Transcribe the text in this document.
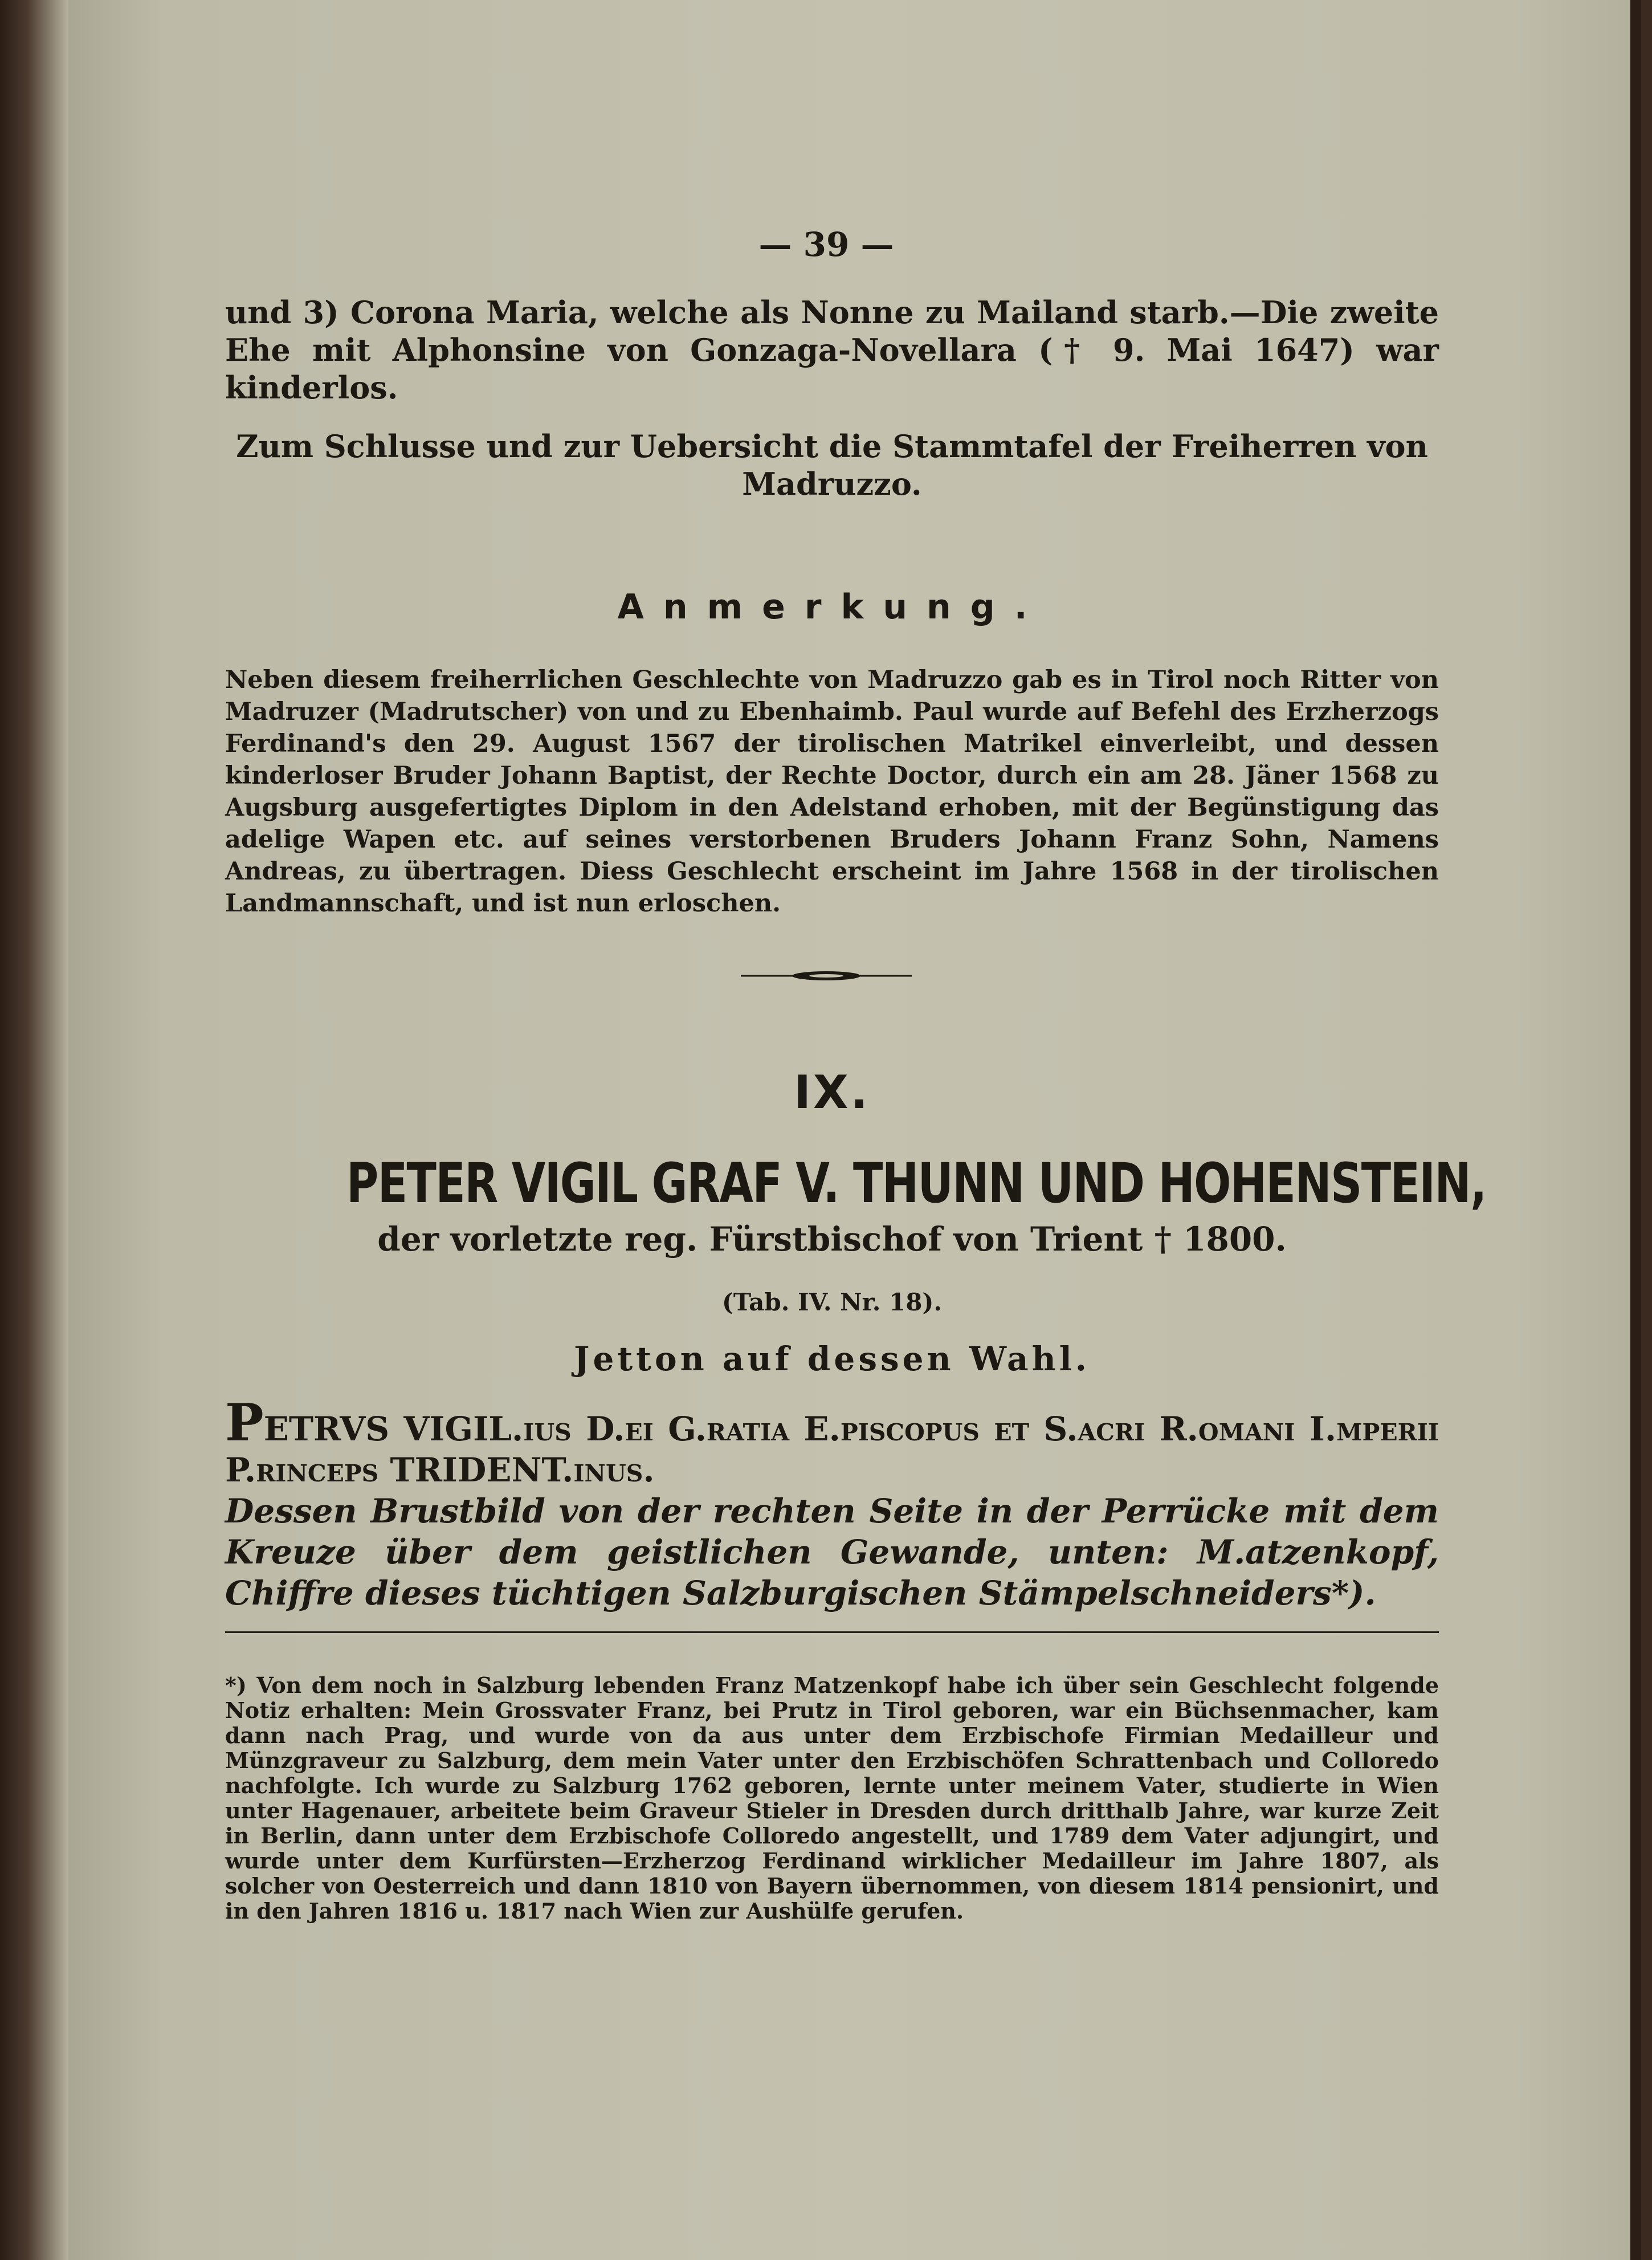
— 39 —
und 3) Corona Maria, welche als Nonne zu Mailand starb.—Die zweite Ehe mit Alphonsine von Gonzaga-Novellara († 9. Mai 1647) war kinderlos.
Zum Schlusse und zur Uebersicht die Stammtafel der Freiherren von Madruzzo.
Anmerkung.
Neben diesem freiherrlichen Geschlechte von Madruzzo gab es in Tirol noch Ritter von Madruzer (Madrutscher) von und zu Ebenhaimb. Paul wurde auf Befehl des Erzherzogs Ferdinand's den 29. August 1567 der tirolischen Matrikel einverleibt, und dessen kinderloser Bruder Johann Baptist, der Rechte Doctor, durch ein am 28. Jäner 1568 zu Augsburg ausgefertigtes Diplom in den Adelstand erhoben, mit der Begünstigung das adelige Wapen etc. auf seines verstorbenen Bruders Johann Franz Sohn, Namens Andreas, zu übertragen. Diess Geschlecht erscheint im Jahre 1568 in der tirolischen Landmannschaft, und ist nun erloschen.
IX.
PETER VIGIL GRAF V. THUNN UND HOHENSTEIN,
der vorletzte reg. Fürstbischof von Trient † 1800.
(Tab. IV. Nr. 18).
Jetton auf dessen Wahl.
PETRVS VIGIL.ius D.ei G.ratia E.piscopus et S.acri R.omani I.mperii P.rinceps TRIDENT.inus.
Dessen Brustbild von der rechten Seite in der Perrücke mit dem Kreuze über dem geistlichen Gewande, unten: M.atzenkopf, Chiffre dieses tüchtigen Salzburgischen Stämpelschneiders*).
*) Von dem noch in Salzburg lebenden Franz Matzenkopf habe ich über sein Geschlecht folgende Notiz erhalten: Mein Grossvater Franz, bei Prutz in Tirol geboren, war ein Büchsenmacher, kam dann nach Prag, und wurde von da aus unter dem Erzbischofe Firmian Medailleur und Münzgraveur zu Salzburg, dem mein Vater unter den Erzbischöfen Schrattenbach und Colloredo nachfolgte. Ich wurde zu Salzburg 1762 geboren, lernte unter meinem Vater, studierte in Wien unter Hagenauer, arbeitete beim Graveur Stieler in Dresden durch dritthalb Jahre, war kurze Zeit in Berlin, dann unter dem Erzbischofe Colloredo angestellt, und 1789 dem Vater adjungirt, und wurde unter dem Kurfürsten—Erzherzog Ferdinand wirklicher Medailleur im Jahre 1807, als solcher von Oesterreich und dann 1810 von Bayern übernommen, von diesem 1814 pensionirt, und in den Jahren 1816 u. 1817 nach Wien zur Aushülfe gerufen.
